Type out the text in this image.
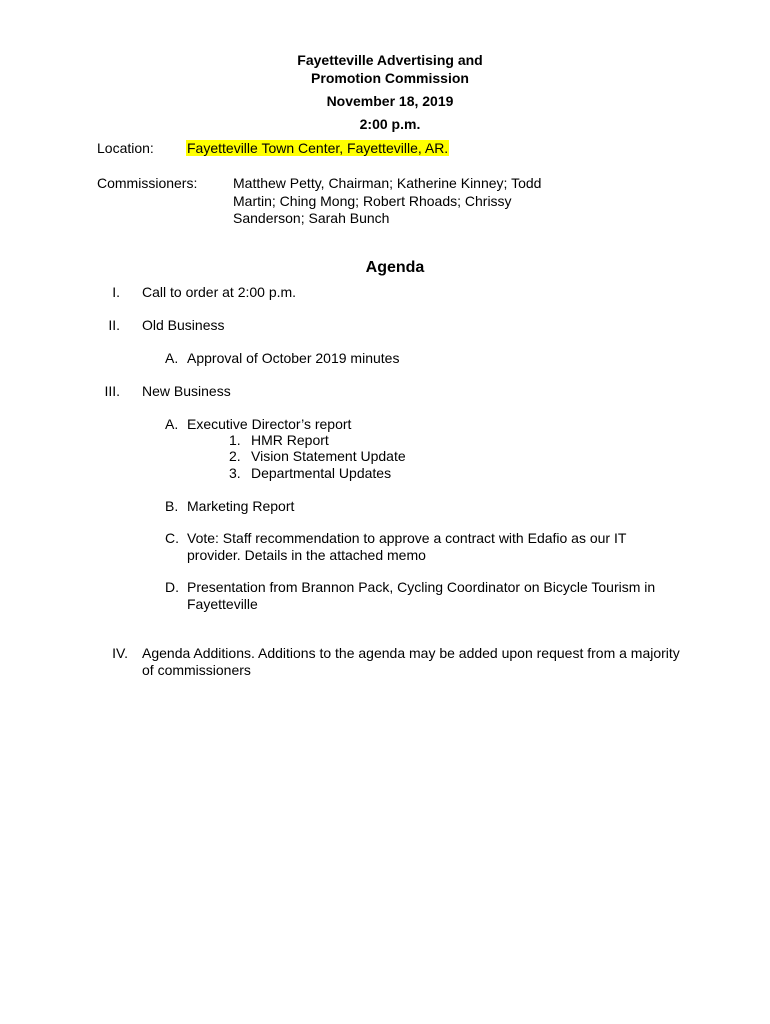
Fayetteville Advertising and
Promotion Commission
November 18, 2019
2:00 p.m.
Location: Fayetteville Town Center, Fayetteville, AR.
Commissioners:	Matthew Petty, Chairman; Katherine Kinney; Todd
Martin; Ching Mong; Robert Rhoads; Chrissy
Sanderson; Sarah Bunch
Agenda
I. Call to order at 2:00 p.m.
II. Old Business
A. Approval of October 2019 minutes
III. New Business
A. Executive Director’s report
1. HMR Report
2. Vision Statement Update
3. Departmental Updates
B. Marketing Report
C. Vote: Staff recommendation to approve a contract with Edafio as our IT
provider. Details in the attached memo
D. Presentation from Brannon Pack, Cycling Coordinator on Bicycle Tourism in
Fayetteville
IV. Agenda Additions. Additions to the agenda may be added upon request from a majority
of commissioners
